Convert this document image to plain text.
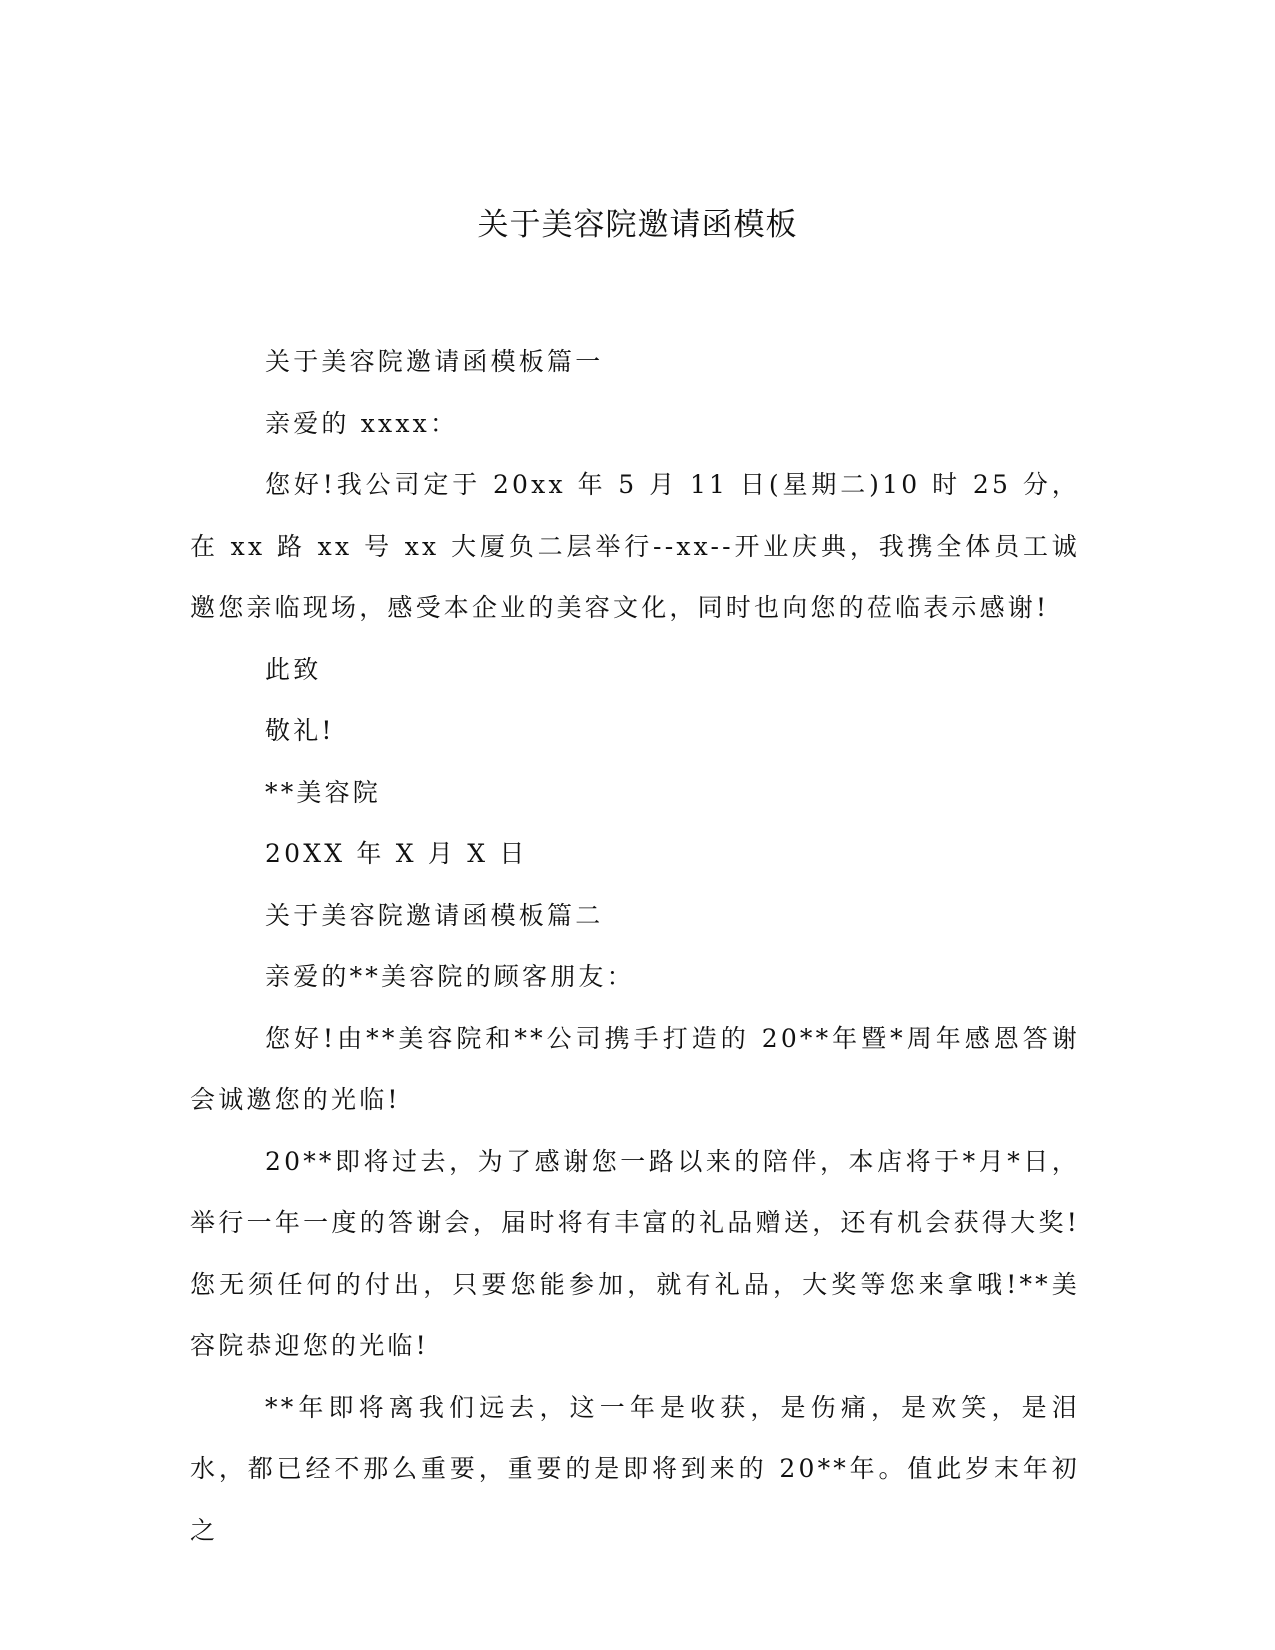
关于美容院邀请函模板

关于美容院邀请函模板篇一

亲爱的 xxxx：

您好!我公司定于 20xx 年 5 月 11 日(星期二)10 时 25 分，在 xx 路 xx 号 xx 大厦负二层举行--xx--开业庆典，我携全体员工诚邀您亲临现场，感受本企业的美容文化，同时也向您的莅临表示感谢!

此致

敬礼!

**美容院

20XX 年 X 月 X 日

关于美容院邀请函模板篇二

亲爱的**美容院的顾客朋友：

您好!由**美容院和**公司携手打造的 20**年暨*周年感恩答谢会诚邀您的光临!

20**即将过去，为了感谢您一路以来的陪伴，本店将于*月*日，举行一年一度的答谢会，届时将有丰富的礼品赠送，还有机会获得大奖!您无须任何的付出，只要您能参加，就有礼品，大奖等您来拿哦!**美容院恭迎您的光临!

**年即将离我们远去，这一年是收获，是伤痛，是欢笑，是泪水，都已经不那么重要，重要的是即将到来的 20**年。值此岁末年初之
